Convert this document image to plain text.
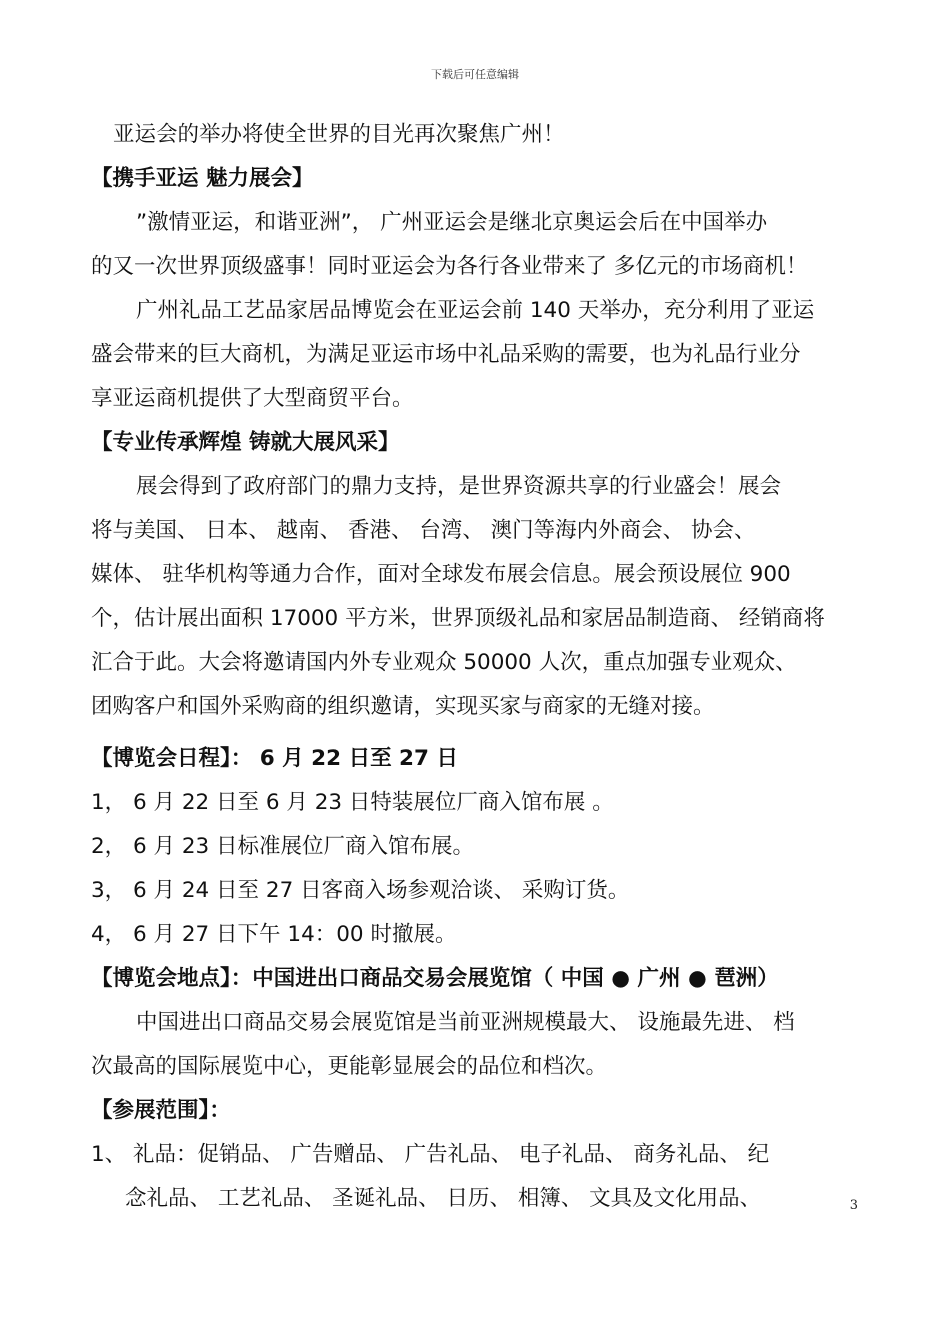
下载后可任意编辑
亚运会的举办将使全世界的目光再次聚焦广州！
【携手亚运 魅力展会】
”激情亚运，和谐亚洲”， 广州亚运会是继北京奥运会后在中国举办
的又一次世界顶级盛事！同时亚运会为各行各业带来了 多亿元的市场商机！
广州礼品工艺品家居品博览会在亚运会前 140 天举办，充分利用了亚运
盛会带来的巨大商机，为满足亚运市场中礼品采购的需要，也为礼品行业分
享亚运商机提供了大型商贸平台。
【专业传承辉煌 铸就大展风采】
展会得到了政府部门的鼎力支持，是世界资源共享的行业盛会！展会
将与美国、 日本、 越南、 香港、 台湾、 澳门等海内外商会、 协会、
媒体、 驻华机构等通力合作，面对全球发布展会信息。展会预设展位 900
个，估计展出面积 17000 平方米，世界顶级礼品和家居品制造商、 经销商将
汇合于此。大会将邀请国内外专业观众 50000 人次，重点加强专业观众、
团购客户和国外采购商的组织邀请，实现买家与商家的无缝对接。
【博览会日程】： 6 月 22 日至 27 日
1， 6 月 22 日至 6 月 23 日特装展位厂商入馆布展 。
2， 6 月 23 日标准展位厂商入馆布展。
3， 6 月 24 日至 27 日客商入场参观洽谈、 采购订货。
4， 6 月 27 日下午 14：00 时撤展。
【博览会地点】：中国进出口商品交易会展览馆（ 中国 ● 广州 ● 琶洲）
中国进出口商品交易会展览馆是当前亚洲规模最大、 设施最先进、 档
次最高的国际展览中心，更能彰显展会的品位和档次。
【参展范围】：
1、 礼品：促销品、 广告赠品、 广告礼品、 电子礼品、 商务礼品、 纪
念礼品、 工艺礼品、 圣诞礼品、 日历、 相簿、 文具及文化用品、	3
